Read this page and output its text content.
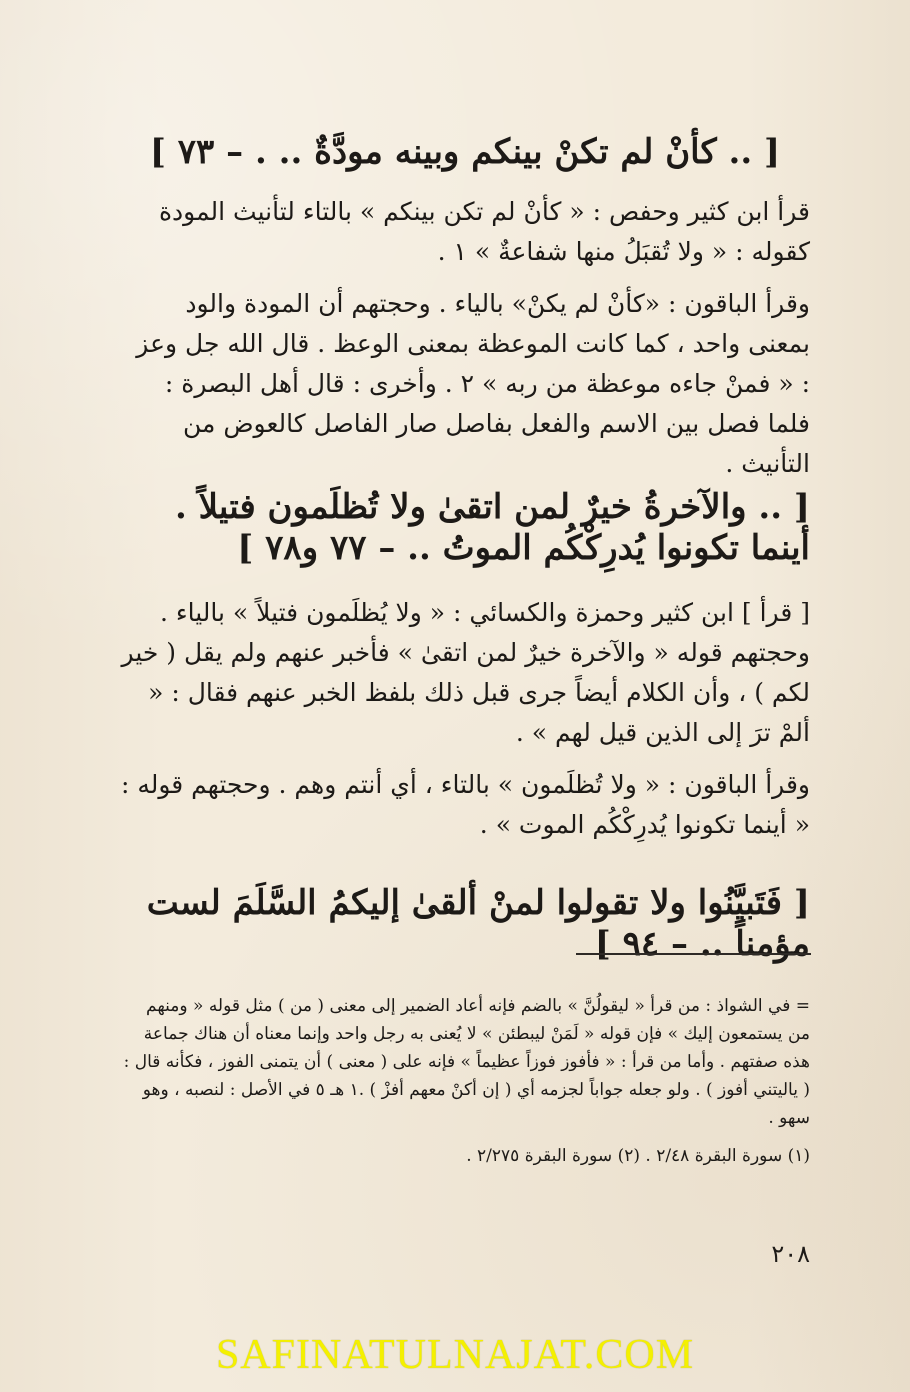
[ .. كأنْ لم تكنْ بينكم وبينه مودَّةٌ .. . – ٧٣ ]

قرأ ابن كثير وحفص : « كأنْ لم تكن بينكم » بالتاء لتأنيث المودة كقوله : « ولا تُقبَلُ منها شفاعةٌ » ١ .

وقرأ الباقون : «كأنْ لم يكنْ» بالياء . وحجتهم أن المودة والود بمعنى واحد ، كما كانت الموعظة بمعنى الوعظ . قال الله جل وعز : « فمنْ جاءه موعظة من ربه » ٢ . وأخرى : قال أهل البصرة : فلما فصل بين الاسم والفعل بفاصل صار الفاصل كالعوض من التأنيث .

[ .. والآخرةُ خيرٌ لمن اتقىٰ ولا تُظلَمون فتيلاً . أينما تكونوا يُدرِكْكُم الموتُ .. – ٧٧ و٧٨ ]

[ قرأ ] ابن كثير وحمزة والكسائي : « ولا يُظلَمون فتيلاً » بالياء . وحجتهم قوله « والآخرة خيرٌ لمن اتقىٰ » فأخبر عنهم ولم يقل ( خير لكم ) ، وأن الكلام أيضاً جرى قبل ذلك بلفظ الخبر عنهم فقال : « ألمْ ترَ إلى الذين قيل لهم » .

وقرأ الباقون : « ولا تُظلَمون » بالتاء ، أي أنتم وهم . وحجتهم قوله : « أينما تكونوا يُدرِكْكُم الموت » .

[ فَتَبيَّنُوا ولا تقولوا لمنْ ألقىٰ إليكمُ السَّلَمَ لست مؤمناً .. – ٩٤ ]

= في الشواذ : من قرأ « ليقولُنَّ » بالضم فإنه أعاد الضمير إلى معنى ( من ) مثل قوله « ومنهم من يستمعون إليك » فإن قوله « لَمَنْ ليبطئن » لا يُعنى به رجل واحد وإنما معناه أن هناك جماعة هذه صفتهم . وأما من قرأ : « فأفوز فوزاً عظيماً » فإنه على ( معنى ) أن يتمنى الفوز ، فكأنه قال : ( ياليتني أفوز ) . ولو جعله جواباً لجزمه أي ( إن أكنْ معهم أفزْ ) .١ هـ ٥ في الأصل : لنصبه ، وهو سهو .

(١) سورة البقرة ٢/٤٨ . (٢) سورة البقرة ٢/٢٧٥ .

٢٠٨
SAFINATULNAJAT.COM
